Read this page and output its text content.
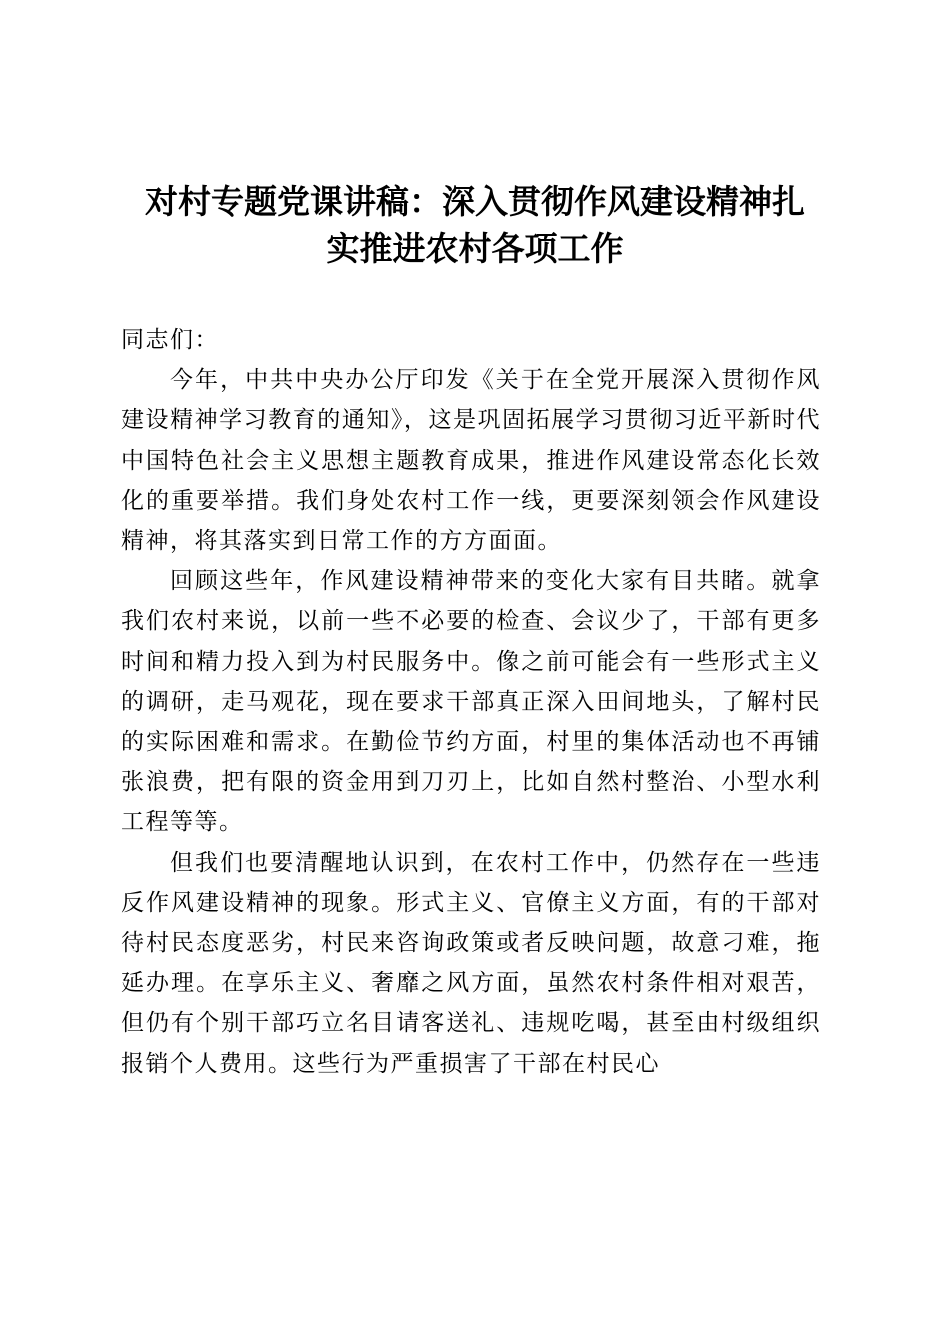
对村专题党课讲稿：深入贯彻作风建设精神扎
实推进农村各项工作

同志们：

今年，中共中央办公厅印发《关于在全党开展深入贯彻作风建设精神学习教育的通知》，这是巩固拓展学习贯彻习近平新时代中国特色社会主义思想主题教育成果，推进作风建设常态化长效化的重要举措。我们身处农村工作一线，更要深刻领会作风建设精神，将其落实到日常工作的方方面面。

回顾这些年，作风建设精神带来的变化大家有目共睹。就拿我们农村来说，以前一些不必要的检查、会议少了，干部有更多时间和精力投入到为村民服务中。像之前可能会有一些形式主义的调研，走马观花，现在要求干部真正深入田间地头，了解村民的实际困难和需求。在勤俭节约方面，村里的集体活动也不再铺张浪费，把有限的资金用到刀刃上，比如自然村整治、小型水利工程等等。

但我们也要清醒地认识到，在农村工作中，仍然存在一些违反作风建设精神的现象。形式主义、官僚主义方面，有的干部对待村民态度恶劣，村民来咨询政策或者反映问题，故意刁难，拖延办理。在享乐主义、奢靡之风方面，虽然农村条件相对艰苦，但仍有个别干部巧立名目请客送礼、违规吃喝，甚至由村级组织报销个人费用。这些行为严重损害了干部在村民心
